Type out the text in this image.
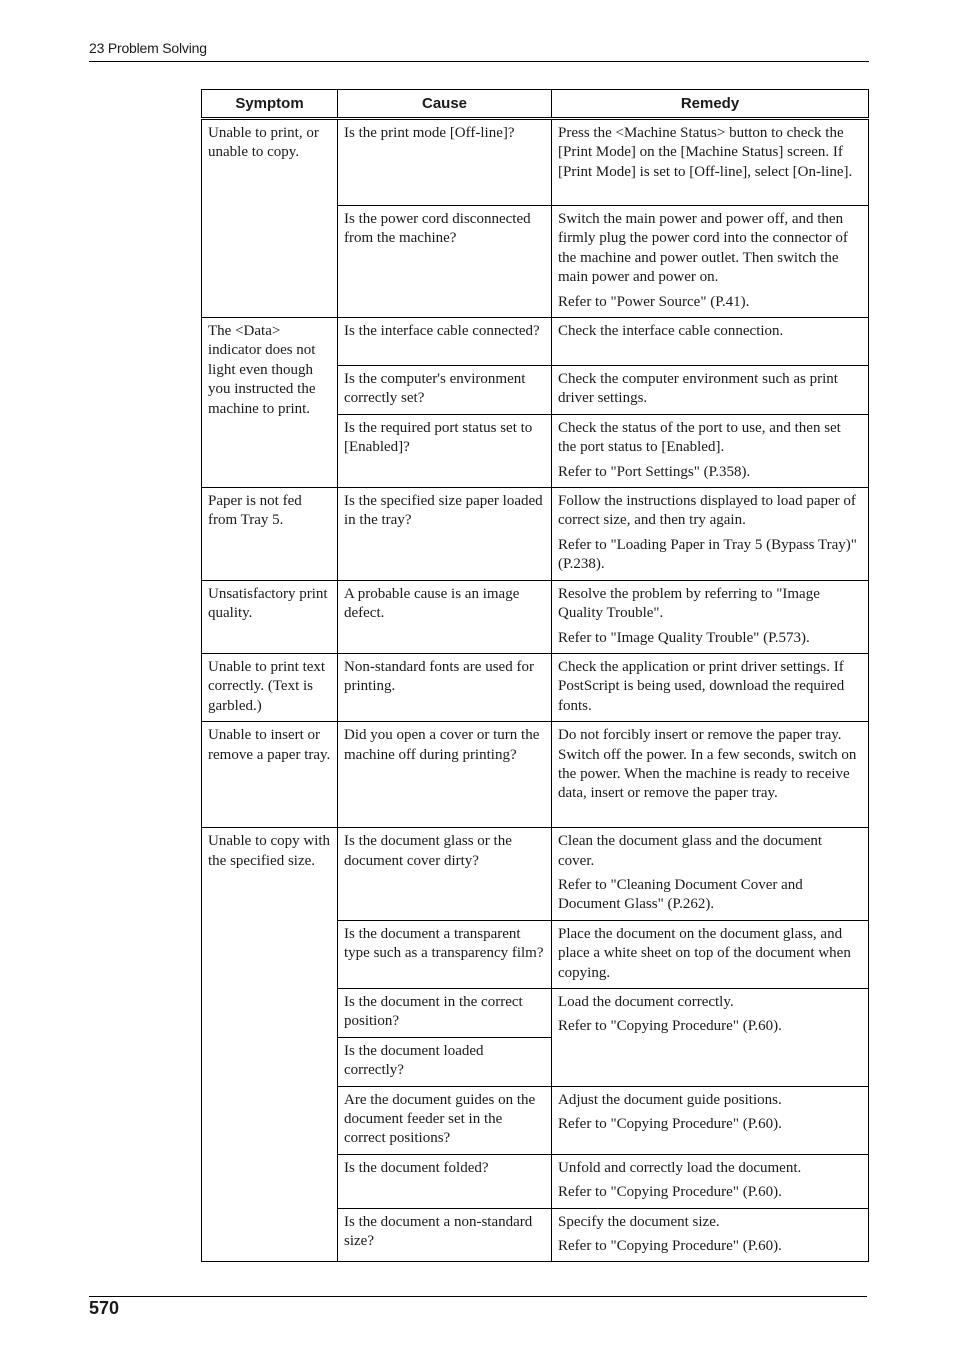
23 Problem Solving
Symptom	Cause	Remedy
Unable to print, or unable to copy.	Is the print mode [Off-line]?	Press the <Machine Status> button to check the [Print Mode] on the [Machine Status] screen. If [Print Mode] is set to [Off-line], select [On-line].

	Is the power cord disconnected from the machine?	Switch the main power and power off, and then firmly plug the power cord into the connector of the machine and power outlet. Then switch the main power and power on.

Refer to "Power Source" (P.41).

The <Data> indicator does not light even though you instructed the machine to print.	Is the interface cable connected?	Check the interface cable connection.

	Is the computer's environment correctly set?	Check the computer environment such as print driver settings.

	Is the required port status set to [Enabled]?	Check the status of the port to use, and then set the port status to [Enabled].

Refer to "Port Settings" (P.358).

Paper is not fed from Tray 5.	Is the specified size paper loaded in the tray?	Follow the instructions displayed to load paper of correct size, and then try again.

Refer to "Loading Paper in Tray 5 (Bypass Tray)" (P.238).

Unsatisfactory print quality.	A probable cause is an image defect.	Resolve the problem by referring to "Image Quality Trouble".

Refer to "Image Quality Trouble" (P.573).

Unable to print text correctly. (Text is garbled.)	Non-standard fonts are used for printing.	Check the application or print driver settings. If PostScript is being used, download the required fonts.

Unable to insert or remove a paper tray.	Did you open a cover or turn the machine off during printing?	Do not forcibly insert or remove the paper tray. Switch off the power. In a few seconds, switch on the power. When the machine is ready to receive data, insert or remove the paper tray.

Unable to copy with the specified size.	Is the document glass or the document cover dirty?	Clean the document glass and the document cover.

Refer to "Cleaning Document Cover and Document Glass" (P.262).

	Is the document a transparent type such as a transparency film?	Place the document on the document glass, and place a white sheet on top of the document when copying.

	Is the document in the correct position?	Load the document correctly.

Refer to "Copying Procedure" (P.60).

	Is the document loaded correctly?	
	Are the document guides on the document feeder set in the correct positions?	Adjust the document guide positions.

Refer to "Copying Procedure" (P.60).

	Is the document folded?	Unfold and correctly load the document.

Refer to "Copying Procedure" (P.60).

	Is the document a non-standard size?	Specify the document size.

Refer to "Copying Procedure" (P.60).

570
